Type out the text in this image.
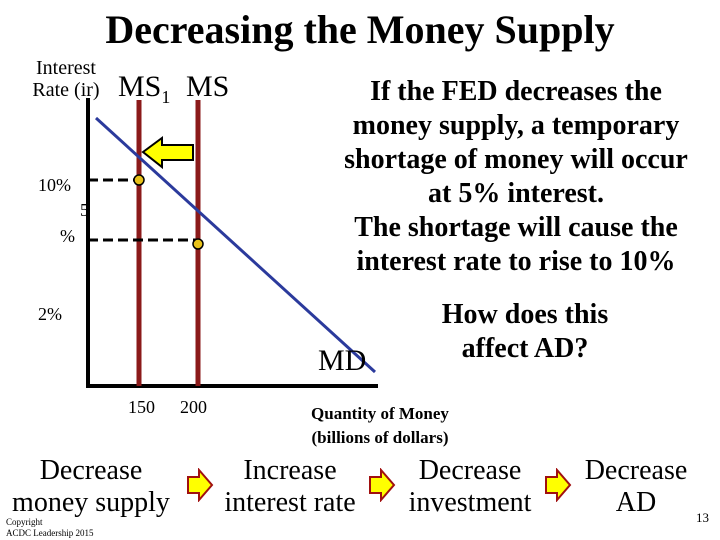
Decreasing the Money Supply
Interest
Rate (ir) $MS_1$ MS
10%
5
%
2%
150 200
MD
Quantity of Money
(billions of dollars)
If the FED decreases the
money supply, a temporary
shortage of money will occur
at 5% interest.
The shortage will cause the
interest rate to rise to 10%
How does this
affect AD?
Decrease
money supply
Increase
interest rate
Decrease
investment
Decrease
AD
Copyright
ACDC Leadership 2015
13
